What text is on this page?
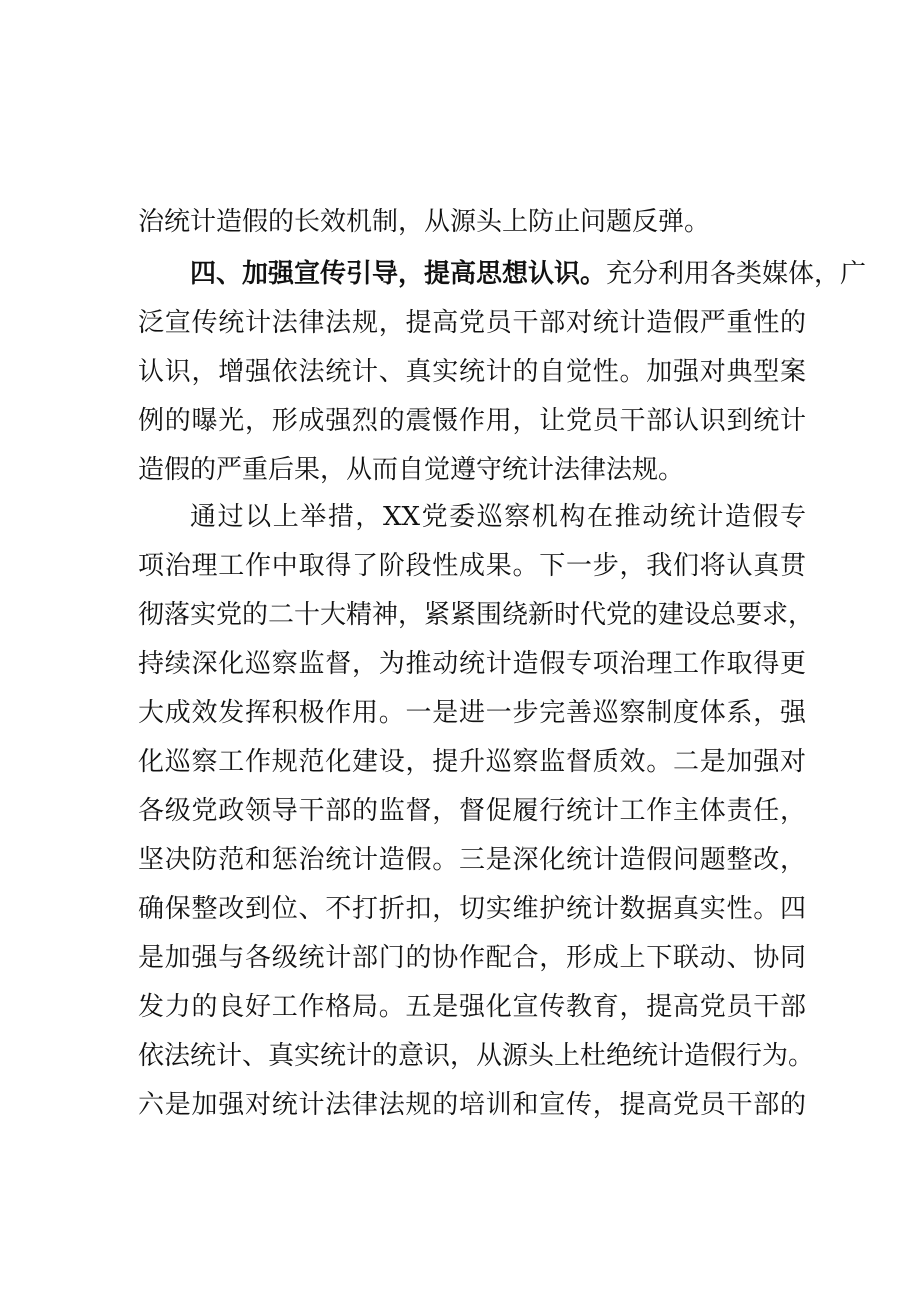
治统计造假的长效机制，从源头上防止问题反弹。
四、加强宣传引导，提高思想认识。充分利用各类媒体，广
泛宣传统计法律法规，提高党员干部对统计造假严重性的
认识，增强依法统计、真实统计的自觉性。加强对典型案
例的曝光，形成强烈的震慑作用，让党员干部认识到统计
造假的严重后果，从而自觉遵守统计法律法规。
通过以上举措，XX党委巡察机构在推动统计造假专
项治理工作中取得了阶段性成果。下一步，我们将认真贯
彻落实党的二十大精神，紧紧围绕新时代党的建设总要求，
持续深化巡察监督，为推动统计造假专项治理工作取得更
大成效发挥积极作用。一是进一步完善巡察制度体系，强
化巡察工作规范化建设，提升巡察监督质效。二是加强对
各级党政领导干部的监督，督促履行统计工作主体责任，
坚决防范和惩治统计造假。三是深化统计造假问题整改，
确保整改到位、不打折扣，切实维护统计数据真实性。四
是加强与各级统计部门的协作配合，形成上下联动、协同
发力的良好工作格局。五是强化宣传教育，提高党员干部
依法统计、真实统计的意识，从源头上杜绝统计造假行为。
六是加强对统计法律法规的培训和宣传，提高党员干部的
